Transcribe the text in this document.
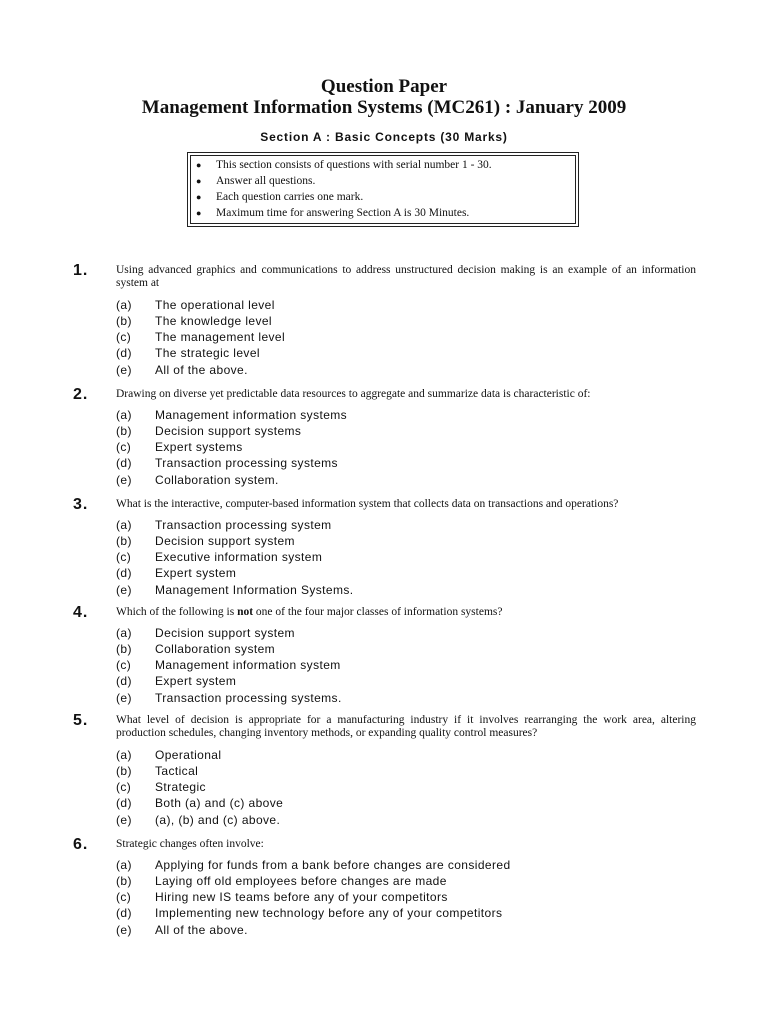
Question Paper
Management Information Systems (MC261) : January 2009
Section A : Basic Concepts (30 Marks)
●	This section consists of questions with serial number 1 - 30.
●	Answer all questions.
●	Each question carries one mark.
●	Maximum time for answering Section A is 30 Minutes.
1. Using advanced graphics and communications to address unstructured decision making is an example of an information system at
(a) The operational level
(b) The knowledge level
(c) The management level
(d) The strategic level
(e) All of the above.
2. Drawing on diverse yet predictable data resources to aggregate and summarize data is characteristic of:
(a) Management information systems
(b) Decision support systems
(c) Expert systems
(d) Transaction processing systems
(e) Collaboration system.
3. What is the interactive, computer-based information system that collects data on transactions and operations?
(a) Transaction processing system
(b) Decision support system
(c) Executive information system
(d) Expert system
(e) Management Information Systems.
4. Which of the following is not one of the four major classes of information systems?
(a) Decision support system
(b) Collaboration system
(c) Management information system
(d) Expert system
(e) Transaction processing systems.
5. What level of decision is appropriate for a manufacturing industry if it involves rearranging the work area, altering production schedules, changing inventory methods, or expanding quality control measures?
(a) Operational
(b) Tactical
(c) Strategic
(d) Both (a) and (c) above
(e) (a), (b) and (c) above.
6. Strategic changes often involve:
(a) Applying for funds from a bank before changes are considered
(b) Laying off old employees before changes are made
(c) Hiring new IS teams before any of your competitors
(d) Implementing new technology before any of your competitors
(e) All of the above.
